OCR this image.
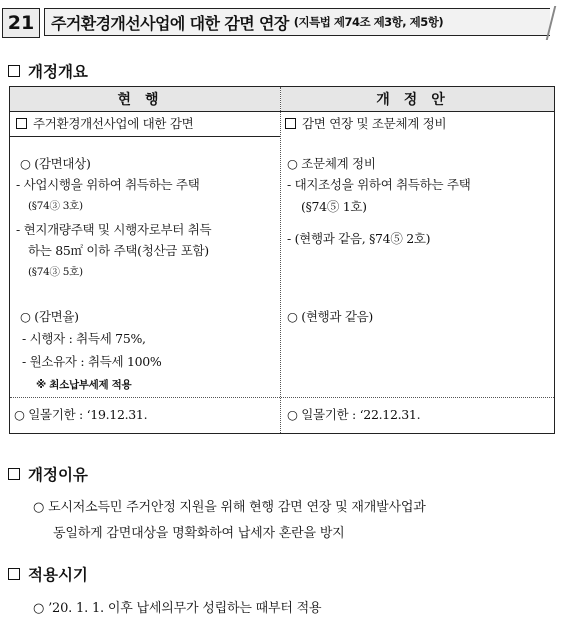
21	주거환경개선사업에 대한 감면 연장 (지특법 제74조 제3항, 제5항)
개정개요
현행	개정안
주거환경개선사업에 대한 감면
○ (감면대상)
- 사업시행을 위하여 취득하는 주택
(§74③ 3호)
- 현지개량주택 및 시행자로부터 취득
하는 85㎡ 이하 주택(청산금 포함)
(§74③ 5호)
○ (감면율)
- 시행자 : 취득세 75%,
- 원소유자 : 취득세 100%
※ 최소납부세제 적용
○ 일몰기한 : ‘19.12.31.
감면 연장 및 조문체계 정비
○ 조문체계 정비
- 대지조성을 위하여 취득하는 주택
(§74⑤ 1호)
- (현행과 같음, §74⑤ 2호)
○ (현행과 같음)
○ 일몰기한 : ‘22.12.31.
개정이유
○ 도시저소득민 주거안정 지원을 위해 현행 감면 연장 및 재개발사업과
동일하게 감면대상을 명확화하여 납세자 혼란을 방지
적용시기
○ ’20. 1. 1. 이후 납세의무가 성립하는 때부터 적용
